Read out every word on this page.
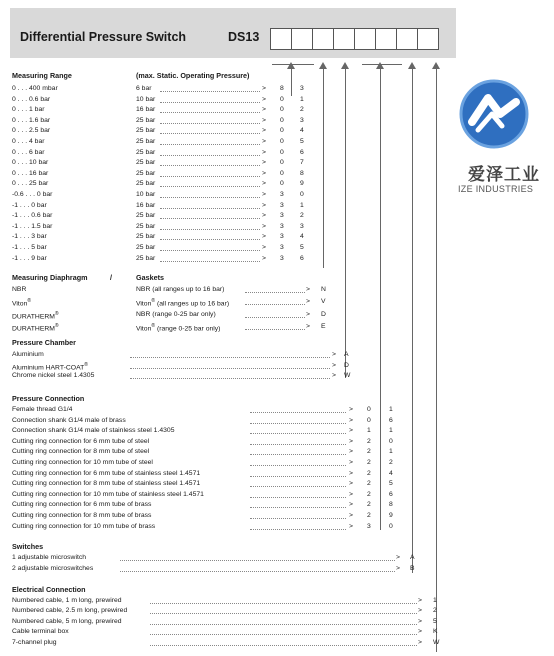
Differential Pressure Switch	DS13
Measuring Range	(max. Static. Operating Pressure)
0 . . . 400 mbar	6 bar	> 8 3
0 . . . 0.6 bar	10 bar	> 0 1
0 . . . 1 bar	16 bar	> 0 2
0 . . . 1.6 bar	25 bar	> 0 3
0 . . . 2.5 bar	25 bar	> 0 4
0 . . . 4 bar	25 bar	> 0 5
0 . . . 6 bar	25 bar	> 0 6
0 . . . 10 bar	25 bar	> 0 7
0 . . . 16 bar	25 bar	> 0 8
0 . . . 25 bar	25 bar	> 0 9
-0.6 . . . 0 bar	10 bar	> 3 0
-1 . . . 0 bar	16 bar	> 3 1
-1 . . . 0.6 bar	25 bar	> 3 2
-1 . . . 1.5 bar	25 bar	> 3 3
-1 . . . 3 bar	25 bar	> 3 4
-1 . . . 5 bar	25 bar	> 3 5
-1 . . . 9 bar	25 bar	> 3 6
Measuring Diaphragm	/	Gaskets
NBR	NBR (all ranges up to 16 bar)	> N
Viton®	Viton® (all ranges up to 16 bar)	> V
DURATHERM®	NBR (range 0-25 bar only)	> D
DURATHERM®	Viton® (range 0-25 bar only)	> E
Pressure Chamber
Aluminium	> A
Aluminium HART-COAT®	> D
Chrome nickel steel 1.4305	> W
Pressure Connection
Female thread G1/4	> 0	1
Connection shank G1/4 male of brass	> 0	6
Connection shank G1/4 male of stainless steel 1.4305	> 1	1
Cutting ring connection for 6 mm tube of steel	> 2	0
Cutting ring connection for 8 mm tube of steel	> 2	1
Cutting ring connection for 10 mm tube of steel	> 2	2
Cutting ring connection for 6 mm tube of stainless steel 1.4571	> 2	4
Cutting ring connection for 8 mm tube of stainless steel 1.4571	> 2	5
Cutting ring connection for 10 mm tube of stainless steel 1.4571	> 2	6
Cutting ring connection for 6 mm tube of brass	> 2	8
Cutting ring connection for 8 mm tube of brass	> 2	9
Cutting ring connection for 10 mm tube of brass	> 3	0
Switches
1 adjustable microswitch	> A
2 adjustable microswitches	> B
Electrical Connection
Numbered cable, 1 m long, prewired	> 1
Numbered cable, 2.5 m long, prewired	> 2
Numbered cable, 5 m long, prewired	> 5
Cable terminal box	> K
7-channel plug	> W
爱泽工业
IZE INDUSTRIES
